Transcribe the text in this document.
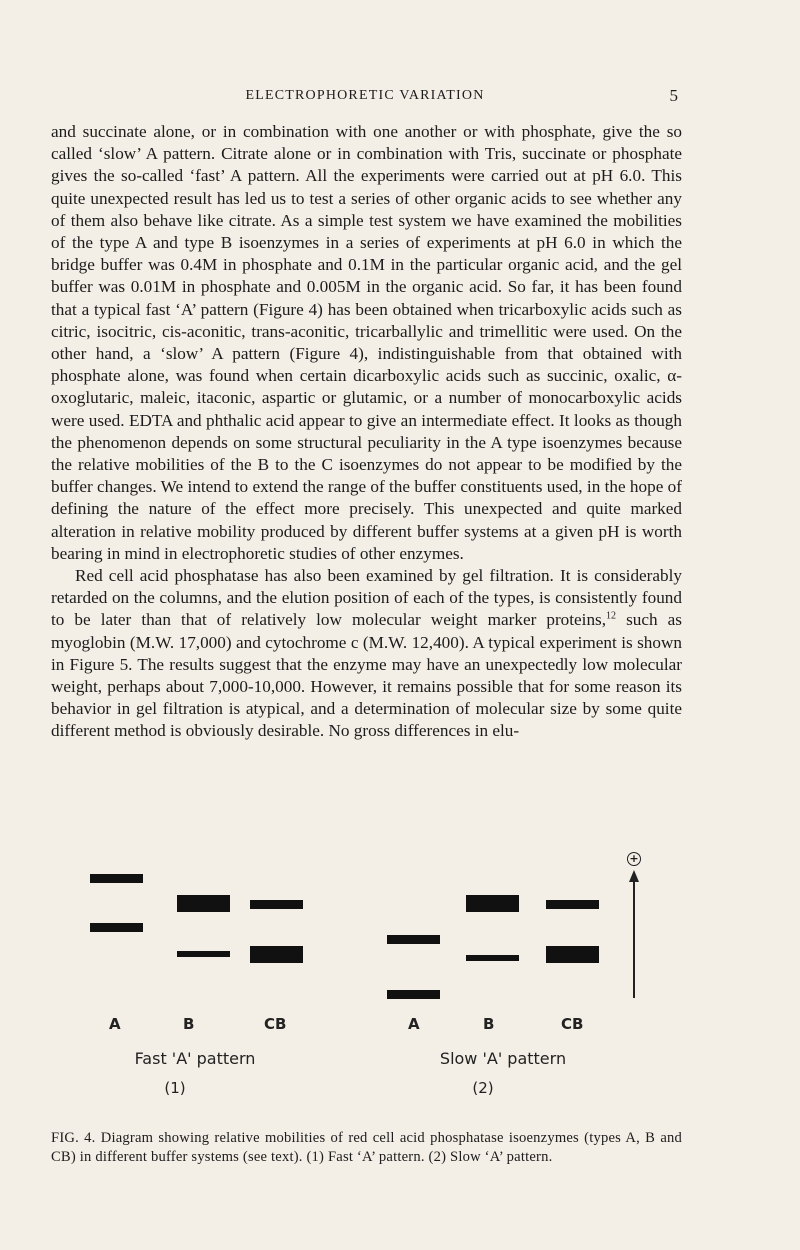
ELECTROPHORETIC VARIATION	5

and succinate alone, or in combination with one another or with phosphate, give the so called ‘slow’ A pattern. Citrate alone or in combination with Tris, succinate or phosphate gives the so-called ‘fast’ A pattern. All the experiments were carried out at pH 6.0. This quite unexpected result has led us to test a series of other organic acids to see whether any of them also behave like citrate. As a simple test system we have examined the mobilities of the type A and type B isoenzymes in a series of experiments at pH 6.0 in which the bridge buffer was 0.4M in phosphate and 0.1M in the particular organic acid, and the gel buffer was 0.01M in phosphate and 0.005M in the organic acid. So far, it has been found that a typical fast ‘A’ pattern (Figure 4) has been obtained when tricarboxylic acids such as citric, isocitric, cis-aconitic, trans-aconitic, tricarballylic and trimellitic were used. On the other hand, a ‘slow’ A pattern (Figure 4), indistinguishable from that obtained with phosphate alone, was found when certain dicarboxylic acids such as succinic, oxalic, α-oxoglutaric, maleic, itaconic, aspartic or glutamic, or a number of monocarboxylic acids were used. EDTA and phthalic acid appear to give an intermediate effect. It looks as though the phenomenon depends on some structural peculiarity in the A type isoenzymes because the relative mobilities of the B to the C isoenzymes do not appear to be modified by the buffer changes. We intend to extend the range of the buffer constituents used, in the hope of defining the nature of the effect more precisely. This unexpected and quite marked alteration in relative mobility produced by different buffer systems at a given pH is worth bearing in mind in electrophoretic studies of other enzymes.

Red cell acid phosphatase has also been examined by gel filtration. It is considerably retarded on the columns, and the elution position of each of the types, is consistently found to be later than that of relatively low molecular weight marker proteins,$^{12}$ such as myoglobin (M.W. 17,000) and cytochrome c (M.W. 12,400). A typical experiment is shown in Figure 5. The results suggest that the enzyme may have an unexpectedly low molecular weight, perhaps about 7,000-10,000. However, it remains possible that for some reason its behavior in gel filtration is atypical, and a determination of molecular size by some quite different method is obviously desirable. No gross differences in elu-

+
A	B	CB	A	B	CB
Fast 'A' pattern
(1)
Slow 'A' pattern
(2)
FIG. 4. Diagram showing relative mobilities of red cell acid phosphatase isoenzymes (types A, B and CB) in different buffer systems (see text). (1) Fast ‘A’ pattern. (2) Slow ‘A’ pattern.
